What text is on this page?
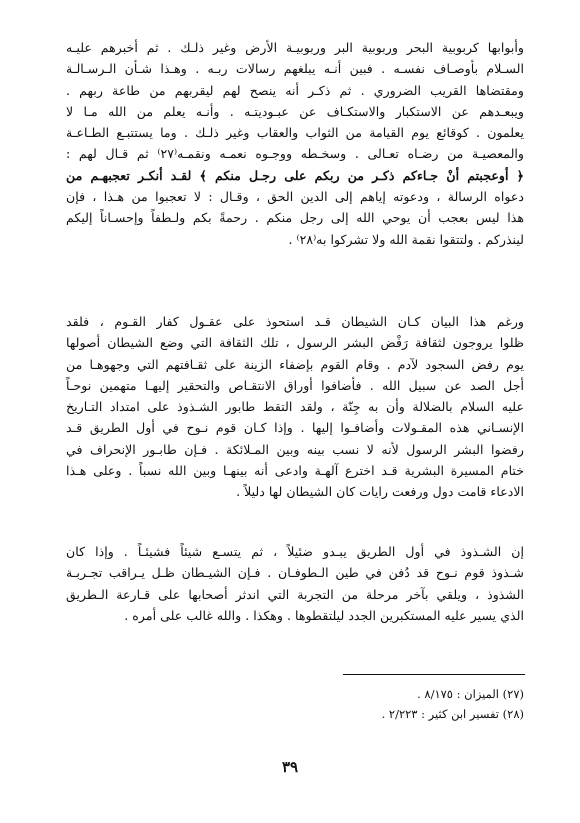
وأبوابها كربوبية البحر وربوبية البر وربوبيـة الأرض وغير ذلـك . ثم أخبرهم عليـه
السـلام بأوصـاف نفسـه . فبين أنـه يبلغهم رسالات ربـه . وهـذا شـأن الـرسـالـة
ومقتضاها القريب الضروري . ثم ذكـر أنه ينصح لهم ليقربهم من طاعة ربهم .
ويبعـدهم عن الاستكبار والاستكـاف عن عبـوديتـه . وأنـه يعلم من الله مـا لا
يعلمون . كوقائع يوم القيامة من الثواب والعقاب وغير ذلـك . وما يستتبـع الطـاعـة
والمعصيـة من رضـاه تعـالى . وسخـطه ووجـوه نعمـه ونقمـه⁽٢٧⁾ ثم قـال لهم :
﴿ أوعجبتم أنْ جـاءكم ذكـر من ربكم على رجـل منكم ﴾ لقـد أنكـر تعجبهـم من
دعواه الرسالة ، ودعوته إياهم إلى الدين الحق ، وقـال : لا تعجبوا من هـذا ، فإن
هذا ليس بعجب أن يوحي الله إلى رجل منكم . رحمةً بكم ولـطفاً وإحسـاناً إليكم
لينذركم . ولتتقوا نقمة الله ولا تشركوا به⁽٢٨⁾ .
ورغم هذا البيان كـان الشيطان قـد استحوذ على عقـول كفار القـوم ، فلقد
ظلوا يروجون لثقافة رَفْض البشر الرسول ، تلك الثقافة التي وضع الشيطان أصولها
يوم رفض السجود لآدم . وقام القوم بإضفاء الزينة على ثقـافتهم التي وجهوهـا من
أجل الصد عن سبيل الله . فأضافوا أوراق الانتقـاص والتحقير إليهـا متهمين نوحـاً
عليه السلام بالضلالة وأن به جِنّة ، ولقد التقط طابور الشـذوذ على امتداد التـاريخ
الإنسـاني هذه المقـولات وأضافـوا إليها . وإذا كـان قوم نـوح في أول الطريق قـد
رفضوا البشر الرسول لأنه لا نسب بينه وبين المـلائكة . فـإن طابـور الإنحراف في
ختام المسيرة البشرية قـد اخترع آلهـة وادعى أنه بينهـا وبين الله نسباً . وعلى هـذا
الادعاء قامت دول ورفعت رايات كان الشيطان لها دليلاً .
إن الشـذوذ في أول الطريق يبـدو ضئيلاً ، ثم يتسـع شيئاً فشيئـاً . وإذا كان
شـذوذ قوم نـوح قد دُفن في طين الـطوفـان . فـإن الشيـطان ظـل يـراقب تجـربـة
الشذوذ ، ويلقي بآخر مرحلة من التجربة التي اندثر أصحابها على قـارعة الـطريق
الذي يسير عليه المستكبرين الجدد ليلتقطوها . وهكذا . والله غالب على أمره .
(٢٧) الميزان : ٨/١٧٥ .
(٢٨) تفسير ابن كثير : ٢/٢٢٣ .
٣٩
